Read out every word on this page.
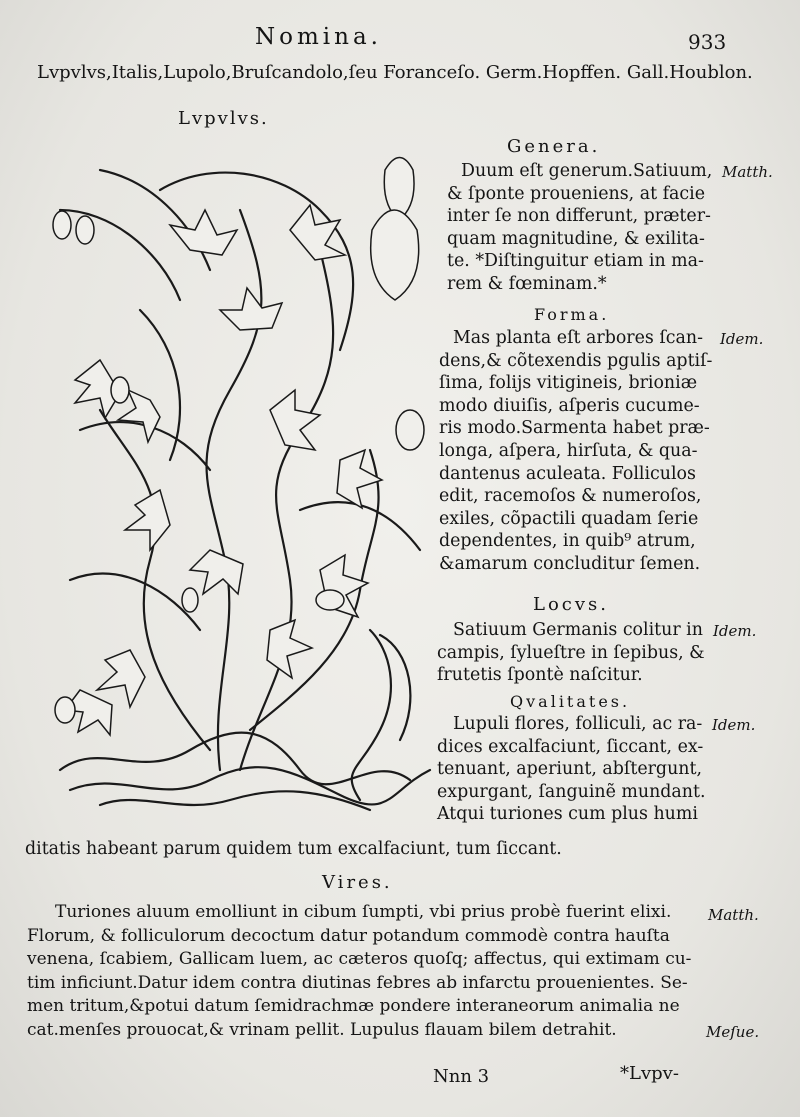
Nomina.	933
Lvpvlvs,Italis,Lupolo,Bruſcandolo,ſeu Foranceſo. Germ.Hopffen. Gall.Houblon.
Lvpvlvs.
Genera.
Matth.
Duum eſt generum.Satiuum,
& ſponte proueniens, at facie
inter ſe non differunt, præter-
quam magnitudine, & exilita-
te. *Diſtinguitur etiam in ma-
rem & fœminam.*
Forma.
Idem.
Mas planta eſt arbores ſcan-
dens,& cõtexendis pgulis aptiſ-
ſima, folijs vitigineis, brioniæ
modo diuiſis, aſperis cucume-
ris modo.Sarmenta habet præ-
longa, aſpera, hirſuta, & qua-
dantenus aculeata. Folliculos
edit, racemoſos & numeroſos,
exiles, cõpactili quadam ſerie
dependentes, in quib⁹ atrum,
&amarum concluditur ſemen.
Locvs.
Idem.
Satiuum Germanis colitur in
campis, ſylueſtre in ſepibus, &
frutetis ſpontè naſcitur.
Qvalitates.
Idem.
Lupuli flores, folliculi, ac ra-
dices excalfaciunt, ſiccant, ex-
tenuant, aperiunt, abſtergunt,
expurgant, ſanguinẽ mundant.
Atqui turiones cum plus humi
ditatis habeant parum quidem tum excalfaciunt, tum ſiccant.
Vires.
Matth.
Meſue.
Turiones aluum emolliunt in cibum ſumpti, vbi prius probè fuerint elixi.
Florum, & folliculorum decoctum datur potandum commodè contra hauſta
venena, ſcabiem, Gallicam luem, ac cæteros quoſq; affectus, qui extimam cu-
tim inficiunt.Datur idem contra diutinas febres ab infarctu prouenientes. Se-
men tritum,&potui datum ſemidrachmæ pondere interaneorum animalia ne
cat.menſes prouocat,& vrinam pellit. Lupulus flauam bilem detrahit.
Nnn 3	*Lvpv-
